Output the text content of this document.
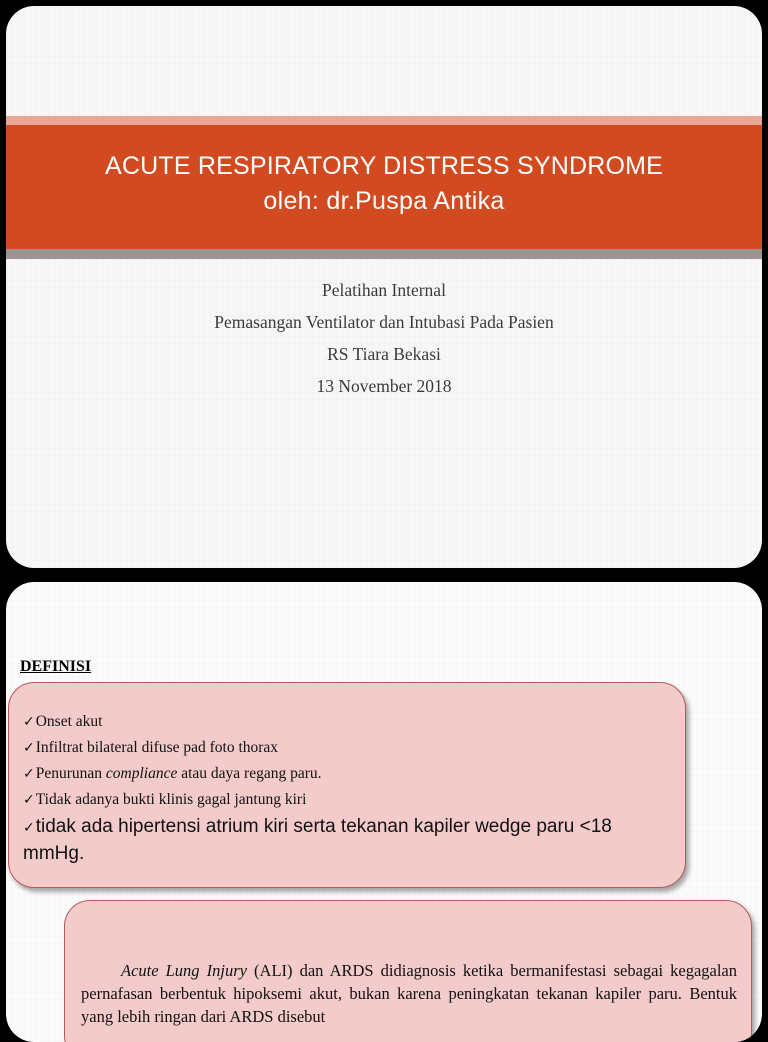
ACUTE RESPIRATORY DISTRESS SYNDROME
oleh: dr.Puspa Antika
Pelatihan Internal
Pemasangan Ventilator dan Intubasi Pada Pasien
RS Tiara Bekasi
13 November 2018
DEFINISI
✓Onset akut
✓Infiltrat bilateral difuse pad foto thorax
✓Penurunan compliance atau daya regang paru.
✓Tidak adanya bukti klinis gagal jantung kiri
✓tidak ada hipertensi atrium kiri serta tekanan kapiler wedge paru <18 mmHg.
Acute Lung Injury (ALI) dan ARDS didiagnosis ketika bermanifestasi sebagai kegagalan pernafasan berbentuk hipoksemi akut, bukan karena peningkatan tekanan kapiler paru. Bentuk yang lebih ringan dari ARDS disebut
